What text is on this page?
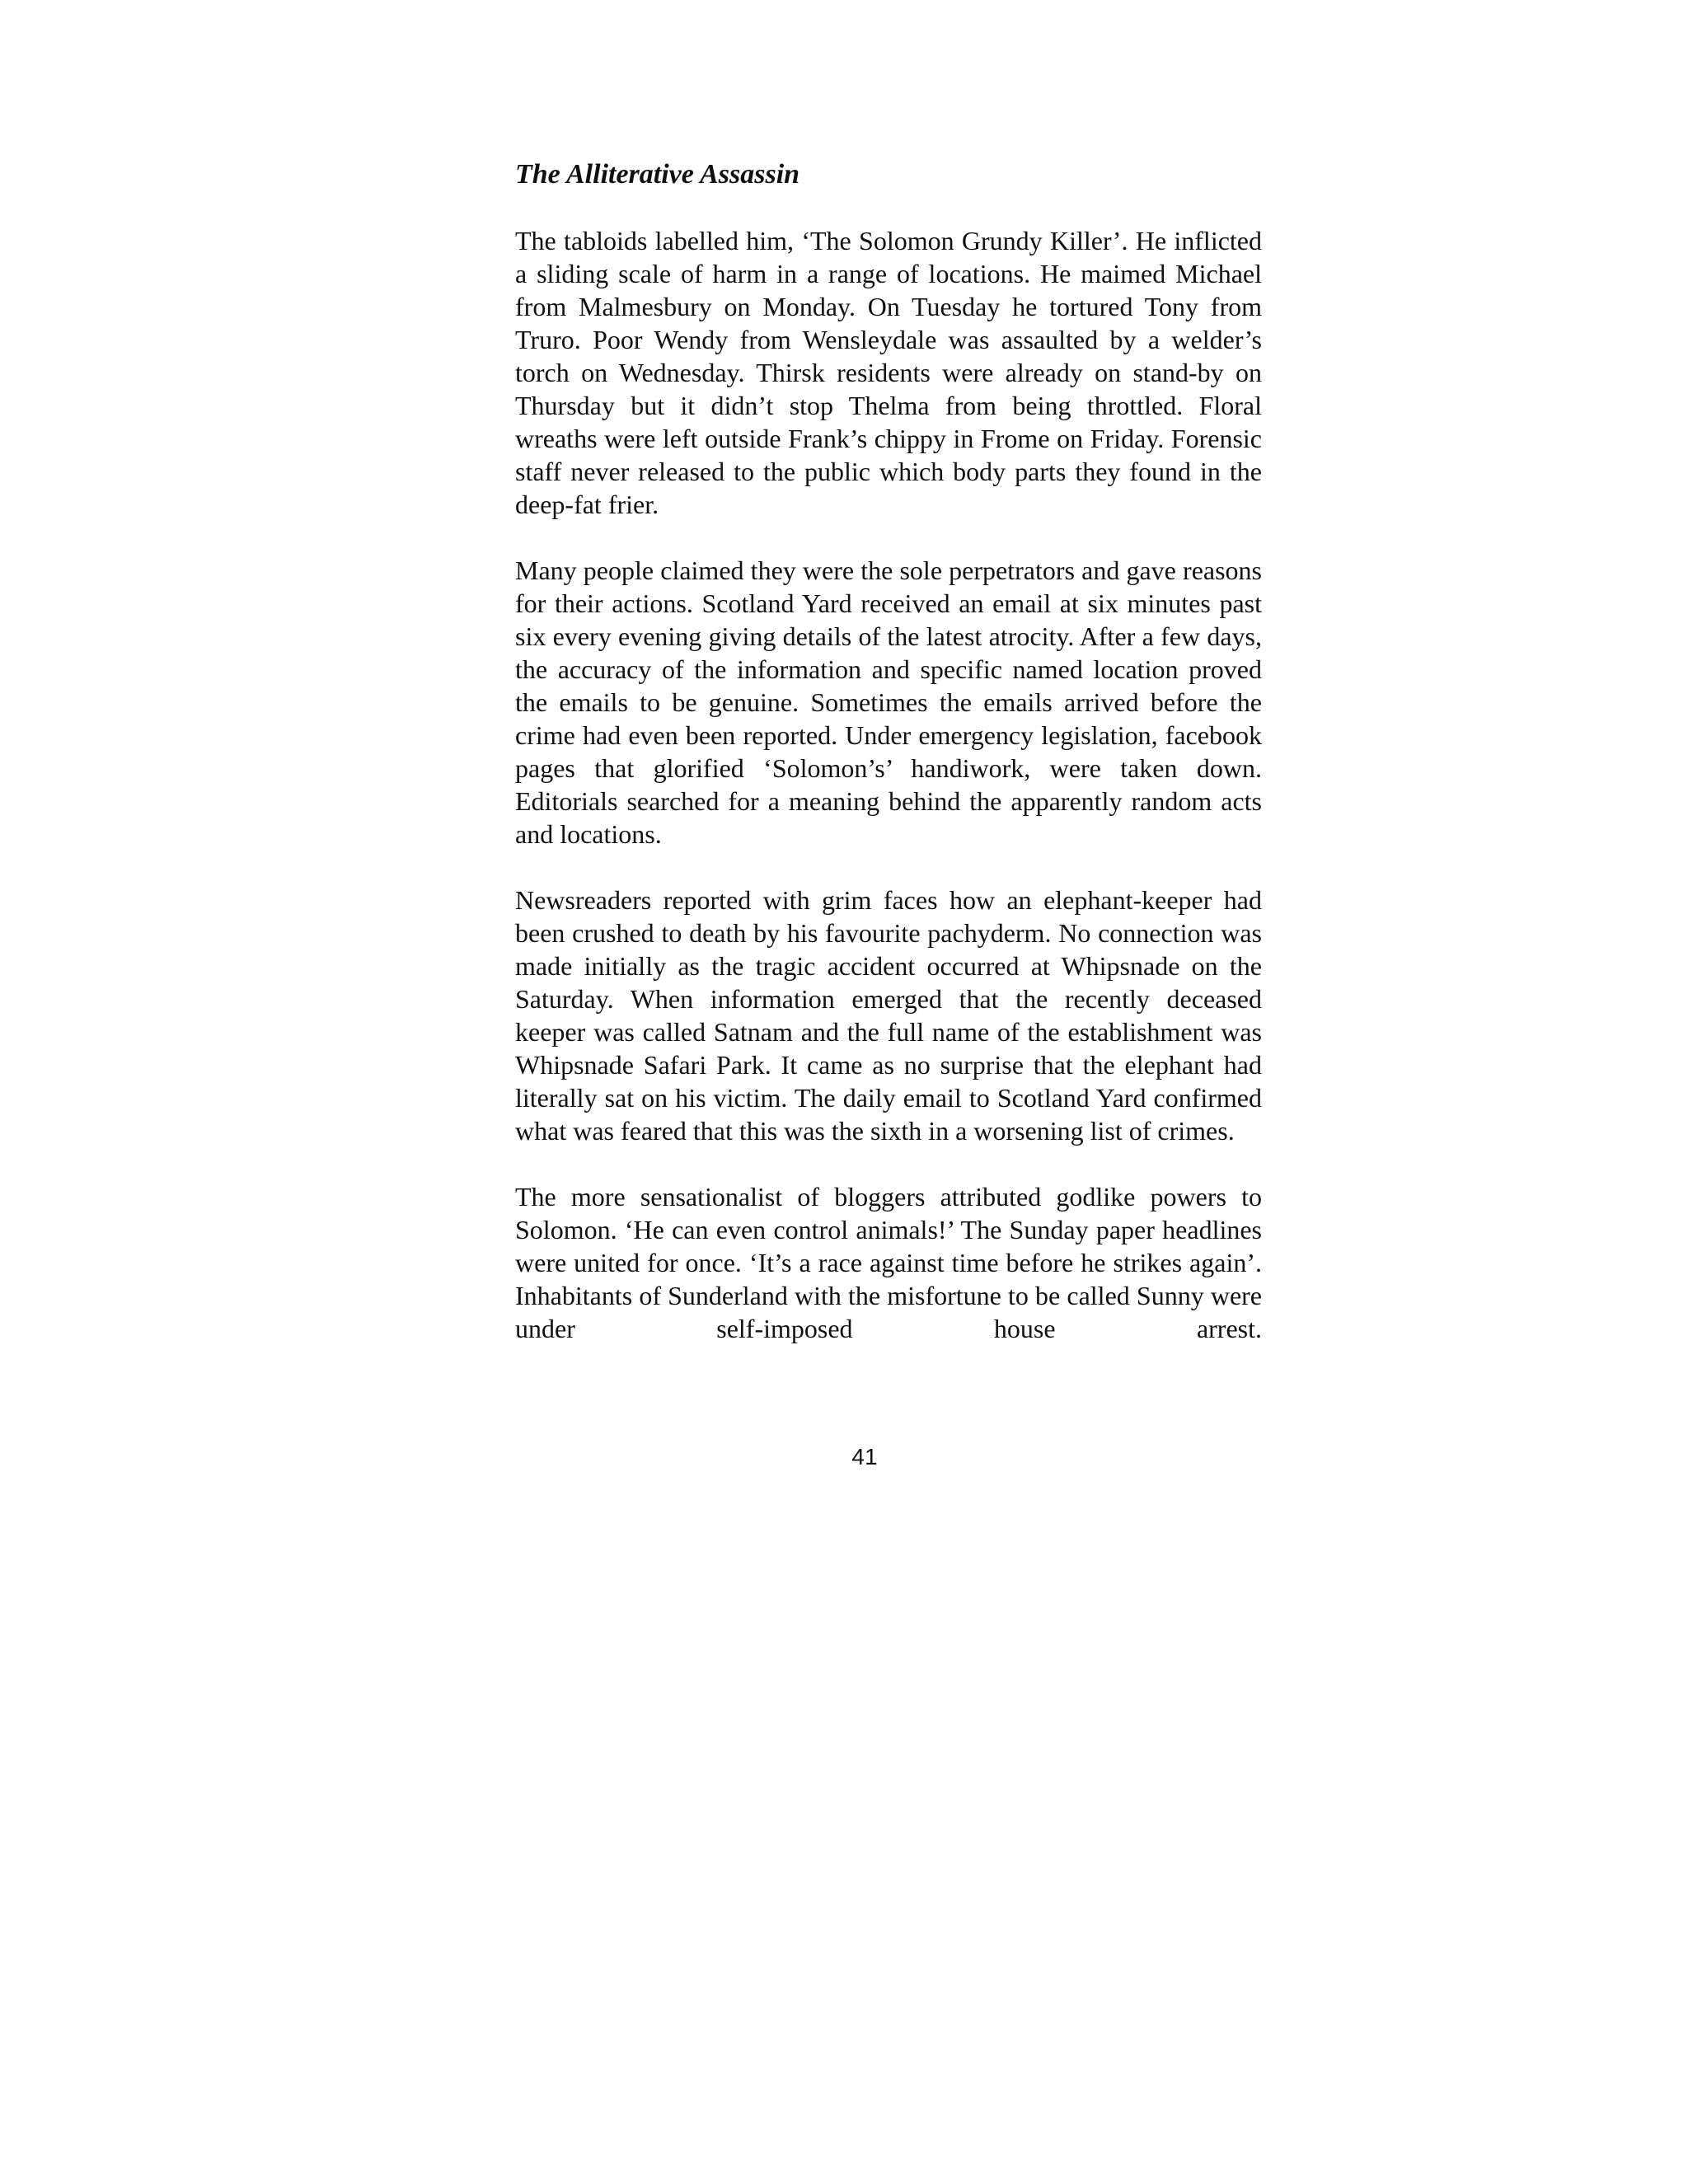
The Alliterative Assassin

The tabloids labelled him, ‘The Solomon Grundy Killer’. He inflicted a sliding scale of harm in a range of locations. He maimed Michael from Malmesbury on Monday. On Tuesday he tortured Tony from Truro. Poor Wendy from Wensleydale was assaulted by a welder’s torch on Wednesday. Thirsk residents were already on stand-by on Thursday but it didn’t stop Thelma from being throttled. Floral wreaths were left outside Frank’s chippy in Frome on Friday. Forensic staff never released to the public which body parts they found in the deep-fat frier.

Many people claimed they were the sole perpetrators and gave reasons for their actions. Scotland Yard received an email at six minutes past six every evening giving details of the latest atrocity. After a few days, the accuracy of the information and specific named location proved the emails to be genuine. Sometimes the emails arrived before the crime had even been reported. Under emergency legislation, facebook pages that glorified ‘Solomon’s’ handiwork, were taken down. Editorials searched for a meaning behind the apparently random acts and locations.

Newsreaders reported with grim faces how an elephant-keeper had been crushed to death by his favourite pachyderm. No connection was made initially as the tragic accident occurred at Whipsnade on the Saturday. When information emerged that the recently deceased keeper was called Satnam and the full name of the establishment was Whipsnade Safari Park. It came as no surprise that the elephant had literally sat on his victim. The daily email to Scotland Yard confirmed what was feared that this was the sixth in a worsening list of crimes.

The more sensationalist of bloggers attributed godlike powers to Solomon. ‘He can even control animals!’ The Sunday paper headlines were united for once. ‘It’s a race against time before he strikes again’. Inhabitants of Sunderland with the misfortune to be called Sunny were under self-imposed house arrest.

41
